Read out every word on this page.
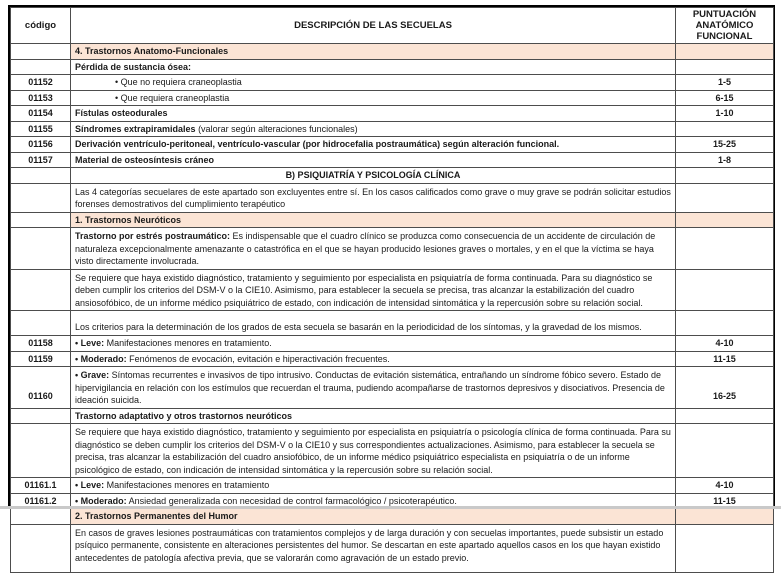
código	DESCRIPCIÓN DE LAS SECUELAS	PUNTUACIÓN ANATÓMICO FUNCIONAL
	4. Trastornos Anatomo-Funcionales	
	Pérdida de sustancia ósea:	
01152	• Que no requiera craneoplastia	1-5
01153	• Que requiera craneoplastia	6-15
01154	Fístulas osteodurales	1-10
01155	Síndromes extrapiramidales (valorar según alteraciones funcionales)	
01156	Derivación ventrículo-peritoneal, ventrículo-vascular (por hidrocefalia postraumática) según alteración funcional.	15-25
01157	Material de osteosíntesis cráneo	1-8
	B) PSIQUIATRÍA Y PSICOLOGÍA CLÍNICA	
	Las 4 categorías secuelares de este apartado son excluyentes entre sí. En los casos calificados como grave o muy grave se podrán solicitar estudios forenses demostrativos del cumplimiento terapéutico	
	1. Trastornos Neuróticos	
	Trastorno por estrés postraumático: Es indispensable que el cuadro clínico se produzca como consecuencia de un accidente de circulación de naturaleza excepcionalmente amenazante o catastrófica en el que se hayan producido lesiones graves o mortales, y en el que la víctima se haya visto directamente involucrada.	
	Se requiere que haya existido diagnóstico, tratamiento y seguimiento por especialista en psiquiatría de forma continuada. Para su diagnóstico se deben cumplir los criterios del DSM-V o la CIE10. Asimismo, para establecer la secuela se precisa, tras alcanzar la estabilización del cuadro ansiosofóbico, de un informe médico psiquiátrico de estado, con indicación de intensidad sintomática y la repercusión sobre su relación social.	
	Los criterios para la determinación de los grados de esta secuela se basarán en la periodicidad de los síntomas, y la gravedad de los mismos.	
01158	• Leve: Manifestaciones menores en tratamiento.	4-10
01159	• Moderado: Fenómenos de evocación, evitación e hiperactivación frecuentes.	11-15
01160	• Grave: Síntomas recurrentes e invasivos de tipo intrusivo. Conductas de evitación sistemática, entrañando un síndrome fóbico severo. Estado de hipervigilancia en relación con los estímulos que recuerdan el trauma, pudiendo acompañarse de trastornos depresivos y disociativos. Presencia de ideación suicida.	16-25
	Trastorno adaptativo y otros trastornos neuróticos	
	Se requiere que haya existido diagnóstico, tratamiento y seguimiento por especialista en psiquiatría o psicología clínica de forma continuada. Para su diagnóstico se deben cumplir los criterios del DSM-V o la CIE10 y sus correspondientes actualizaciones. Asimismo, para establecer la secuela se precisa, tras alcanzar la estabilización del cuadro ansiofóbico, de un informe médico psiquiátrico especialista en psiquiatría o de un informe psicológico de estado, con indicación de intensidad sintomática y la repercusión sobre su relación social.	
01161.1	• Leve: Manifestaciones menores en tratamiento	4-10
01161.2	• Moderado: Ansiedad generalizada con necesidad de control farmacológico / psicoterapéutico.	11-15
	2. Trastornos Permanentes del Humor	
	En casos de graves lesiones postraumáticas con tratamientos complejos y de larga duración y con secuelas importantes, puede subsistir un estado psíquico permanente, consistente en alteraciones persistentes del humor. Se descartan en este apartado aquellos casos en los que hayan existido antecedentes de patología afectiva previa, que se valorarán como agravación de un estado previo.	
